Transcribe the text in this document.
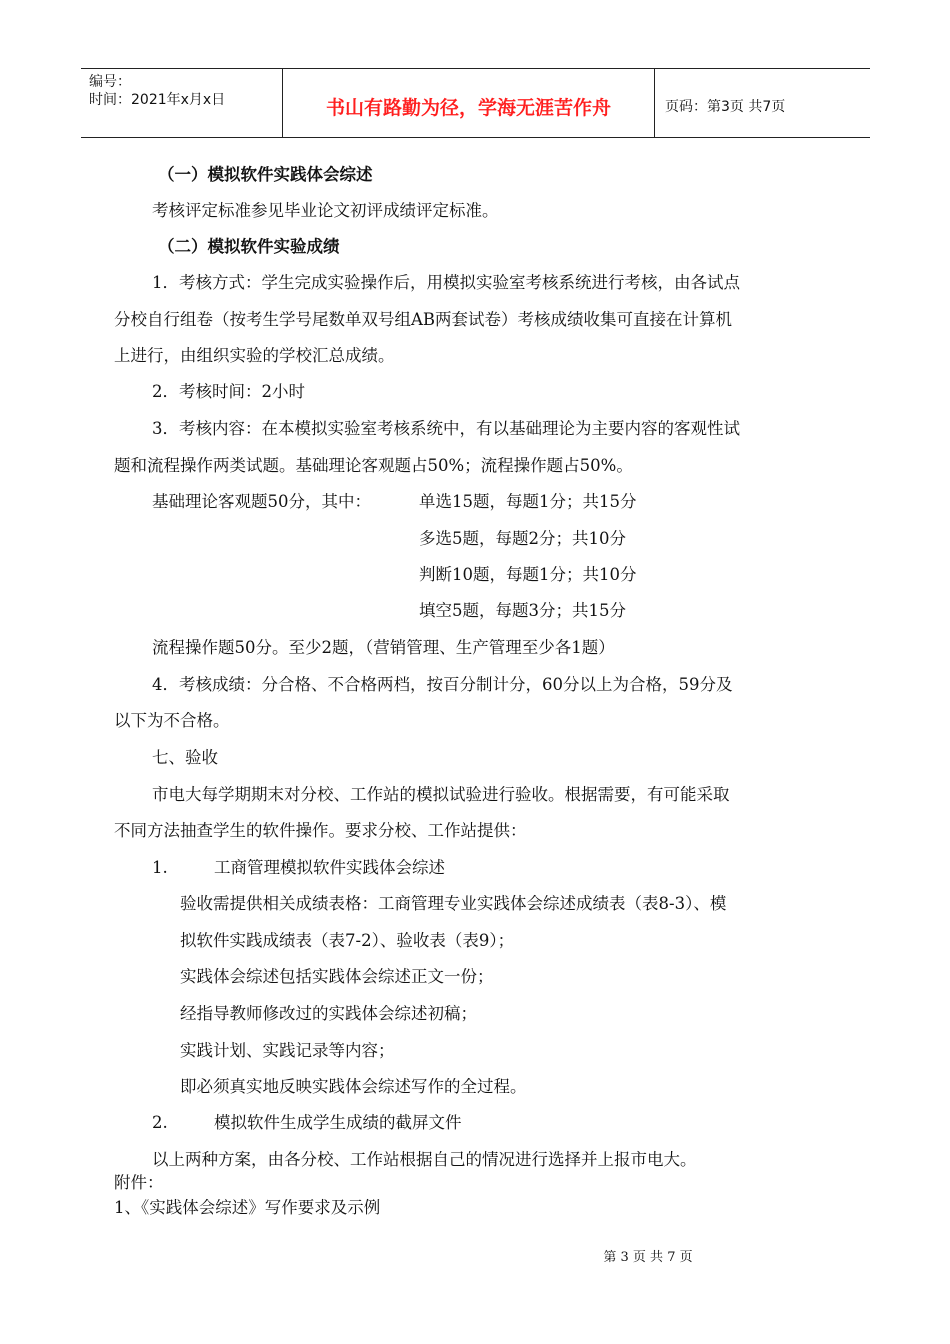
编号：
时间：2021年x月x日	书山有路勤为径，学海无涯苦作舟	页码：第3页 共7页
（一）模拟软件实践体会综述
考核评定标准参见毕业论文初评成绩评定标准。
（二）模拟软件实验成绩
1．考核方式：学生完成实验操作后，用模拟实验室考核系统进行考核，由各试点
分校自行组卷（按考生学号尾数单双号组AB两套试卷）考核成绩收集可直接在计算机
上进行，由组织实验的学校汇总成绩。
2．考核时间：2小时
3．考核内容：在本模拟实验室考核系统中，有以基础理论为主要内容的客观性试
题和流程操作两类试题。基础理论客观题占50%；流程操作题占50%。
基础理论客观题50分，其中：	单选15题，每题1分；共15分
多选5题，每题2分；共10分
判断10题，每题1分；共10分
填空5题，每题3分；共15分
流程操作题50分。至少2题，（营销管理、生产管理至少各1题）
4．考核成绩：分合格、不合格两档，按百分制计分，60分以上为合格，59分及
以下为不合格。
七、验收
市电大每学期期末对分校、工作站的模拟试验进行验收。根据需要，有可能采取
不同方法抽查学生的软件操作。要求分校、工作站提供：
1.	工商管理模拟软件实践体会综述
验收需提供相关成绩表格：工商管理专业实践体会综述成绩表（表8-3）、模
拟软件实践成绩表（表7-2）、验收表（表9）；
实践体会综述包括实践体会综述正文一份；
经指导教师修改过的实践体会综述初稿；
实践计划、实践记录等内容；
即必须真实地反映实践体会综述写作的全过程。
2.	模拟软件生成学生成绩的截屏文件
以上两种方案，由各分校、工作站根据自己的情况进行选择并上报市电大。
附件：
1、《实践体会综述》写作要求及示例
第 3 页 共 7 页
